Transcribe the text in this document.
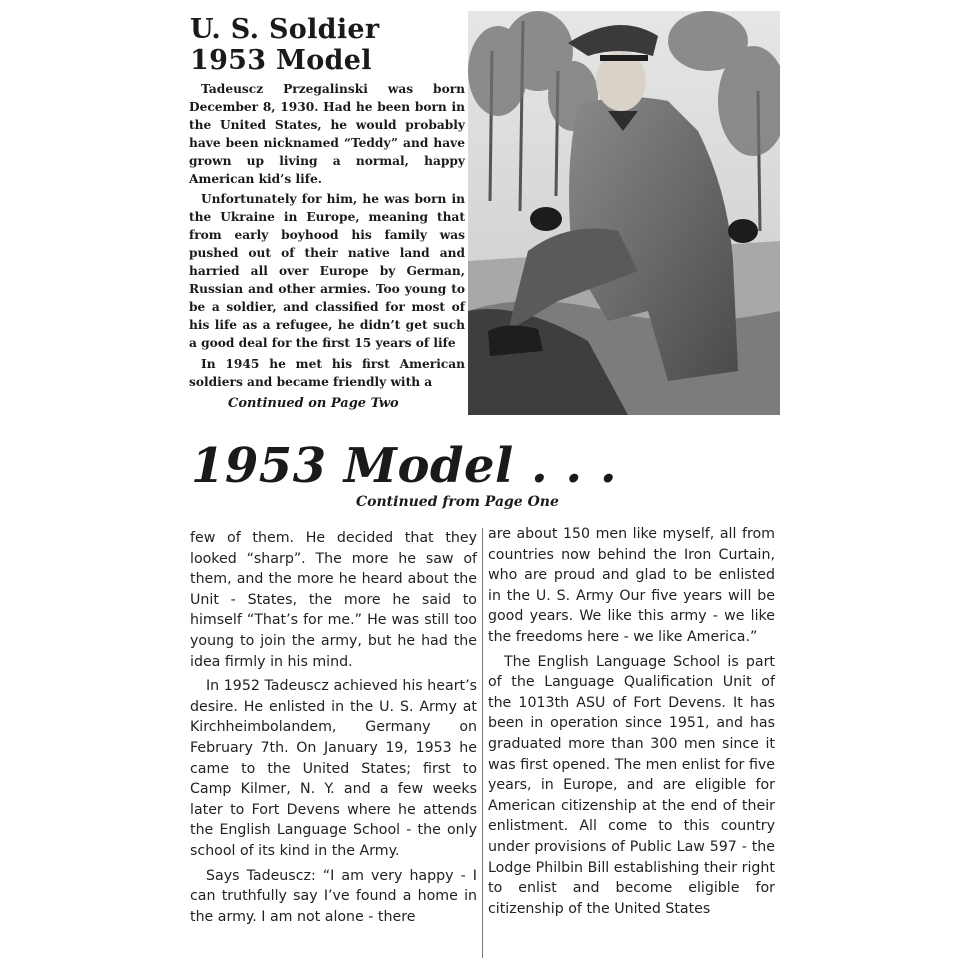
U. S. Soldier
1953 Model

Tadeuscz Przegalinski was born December 8, 1930. Had he been born in the United States, he would probably have been nicknamed “Teddy” and have grown up living a normal, happy American kid’s life.

Unfortunately for him, he was born in the Ukraine in Europe, meaning that from early boyhood his family was pushed out of their native land and harried all over Europe by German, Russian and other armies. Too young to be a soldier, and classified for most of his life as a refugee, he didn’t get such a good deal for the first 15 years of life

In 1945 he met his first American soldiers and became friendly with a

Continued on Page Two
1953 Model . . .
Continued from Page One

few of them. He decided that they looked “sharp”. The more he saw of them, and the more he heard about the Unit - States, the more he said to himself “That’s for me.” He was still too young to join the army, but he had the idea firmly in his mind.

In 1952 Tadeuscz achieved his heart’s desire. He enlisted in the U. S. Army at Kirchheimbolandem, Germany on February 7th. On January 19, 1953 he came to the United States; first to Camp Kilmer, N. Y. and a few weeks later to Fort Devens where he attends the English Language School - the only school of its kind in the Army.

Says Tadeuscz: “I am very happy - I can truthfully say I’ve found a home in the army. I am not alone - there

are about 150 men like myself, all from countries now behind the Iron Curtain, who are proud and glad to be enlisted in the U. S. Army Our five years will be good years. We like this army - we like the freedoms here - we like America.”

The English Language School is part of the Language Qualification Unit of the 1013th ASU of Fort Devens. It has been in operation since 1951, and has graduated more than 300 men since it was first opened. The men enlist for five years, in Europe, and are eligible for American citizenship at the end of their enlistment. All come to this country under provisions of Public Law 597 - the Lodge Philbin Bill establishing their right to enlist and become eligible for citizenship of the United States
